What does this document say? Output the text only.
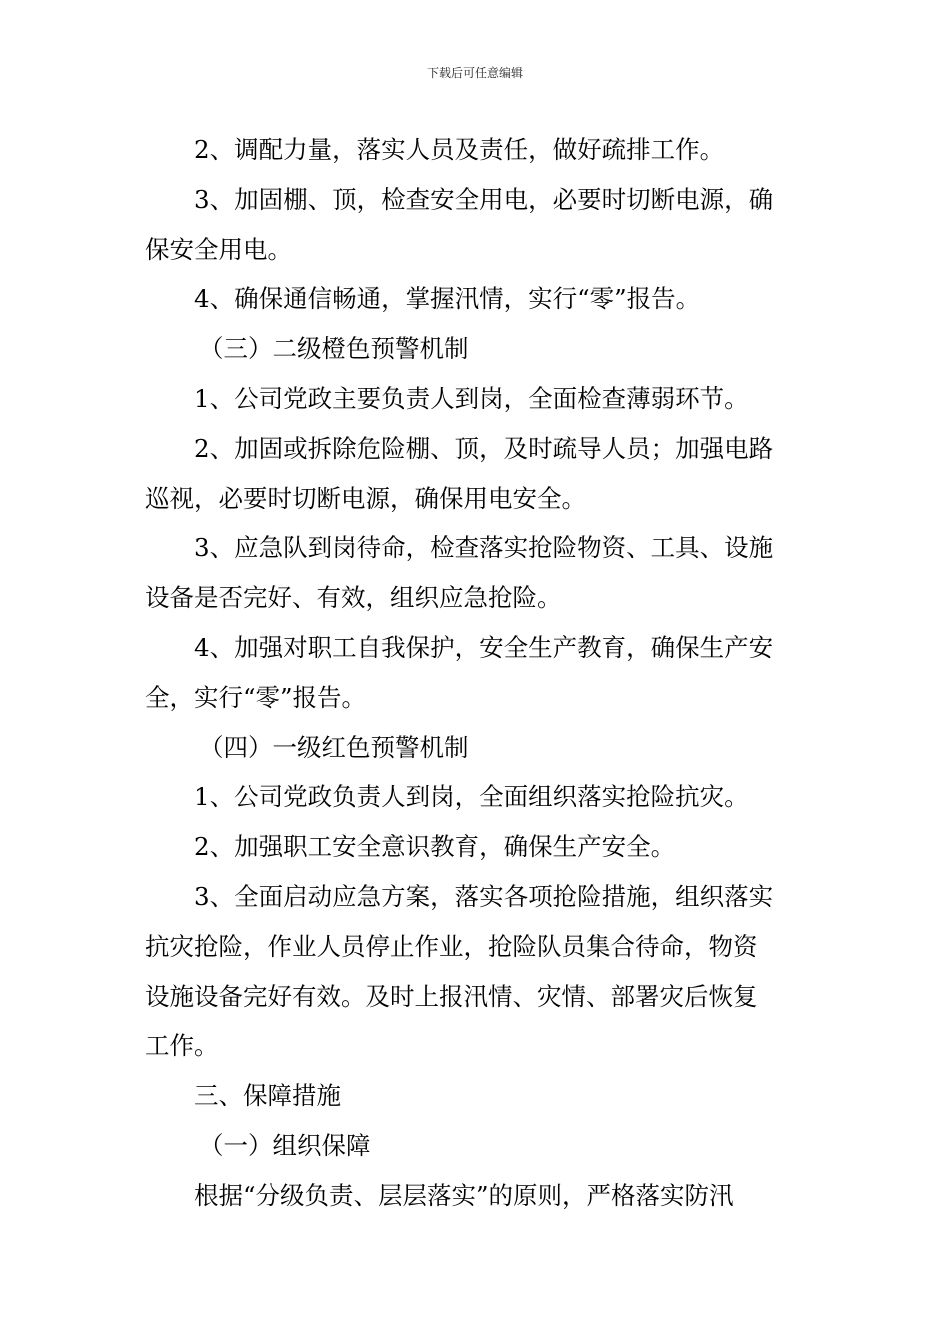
下载后可任意编辑

2、调配力量，落实人员及责任，做好疏排工作。

3、加固棚、顶，检查安全用电，必要时切断电源，确
保安全用电。

4、确保通信畅通，掌握汛情，实行“零”报告。

（三）二级橙色预警机制

1、公司党政主要负责人到岗，全面检查薄弱环节。

2、加固或拆除危险棚、顶，及时疏导人员；加强电路
巡视，必要时切断电源，确保用电安全。

3、应急队到岗待命，检查落实抢险物资、工具、设施
设备是否完好、有效，组织应急抢险。

4、加强对职工自我保护，安全生产教育，确保生产安
全，实行“零”报告。

（四）一级红色预警机制

1、公司党政负责人到岗，全面组织落实抢险抗灾。

2、加强职工安全意识教育，确保生产安全。

3、全面启动应急方案，落实各项抢险措施，组织落实
抗灾抢险，作业人员停止作业，抢险队员集合待命，物资
设施设备完好有效。及时上报汛情、灾情、部署灾后恢复
工作。

三、保障措施

（一）组织保障

根据“分级负责、层层落实”的原则，严格落实防汛
